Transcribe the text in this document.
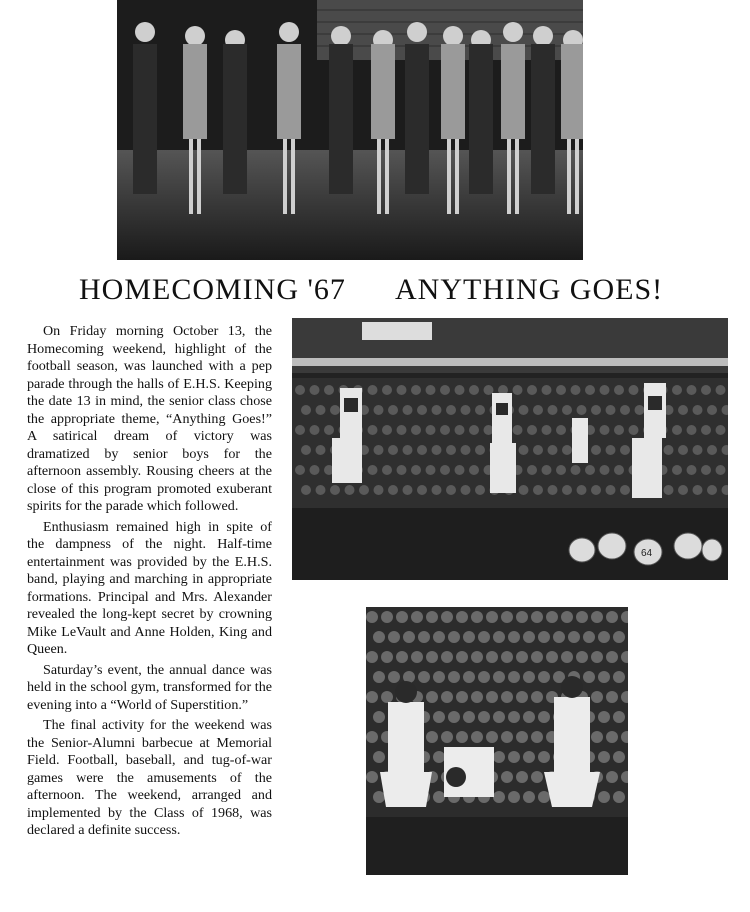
HOMECOMING '67 ANYTHING GOES!

On Friday morning October 13, the Homecoming weekend, highlight of the football season, was launched with a pep parade through the halls of E.H.S. Keeping the date 13 in mind, the senior class chose the appropriate theme, “Anything Goes!” A satirical dream of victory was dramatized by senior boys for the afternoon assembly. Rousing cheers at the close of this program promoted exuberant spirits for the parade which followed.

Enthusiasm remained high in spite of the dampness of the night. Half-time entertainment was provided by the E.H.S. band, playing and marching in appropriate formations. Principal and Mrs. Alexander revealed the long-kept secret by crowning Mike LeVault and Anne Holden, King and Queen.

Saturday’s event, the annual dance was held in the school gym, transformed for the evening into a “World of Superstition.”

The final activity for the weekend was the Senior-Alumni barbecue at Memorial Field. Football, baseball, and tug-of-war games were the amusements of the afternoon. The weekend, arranged and implemented by the Class of 1968, was declared a definite success.

64
